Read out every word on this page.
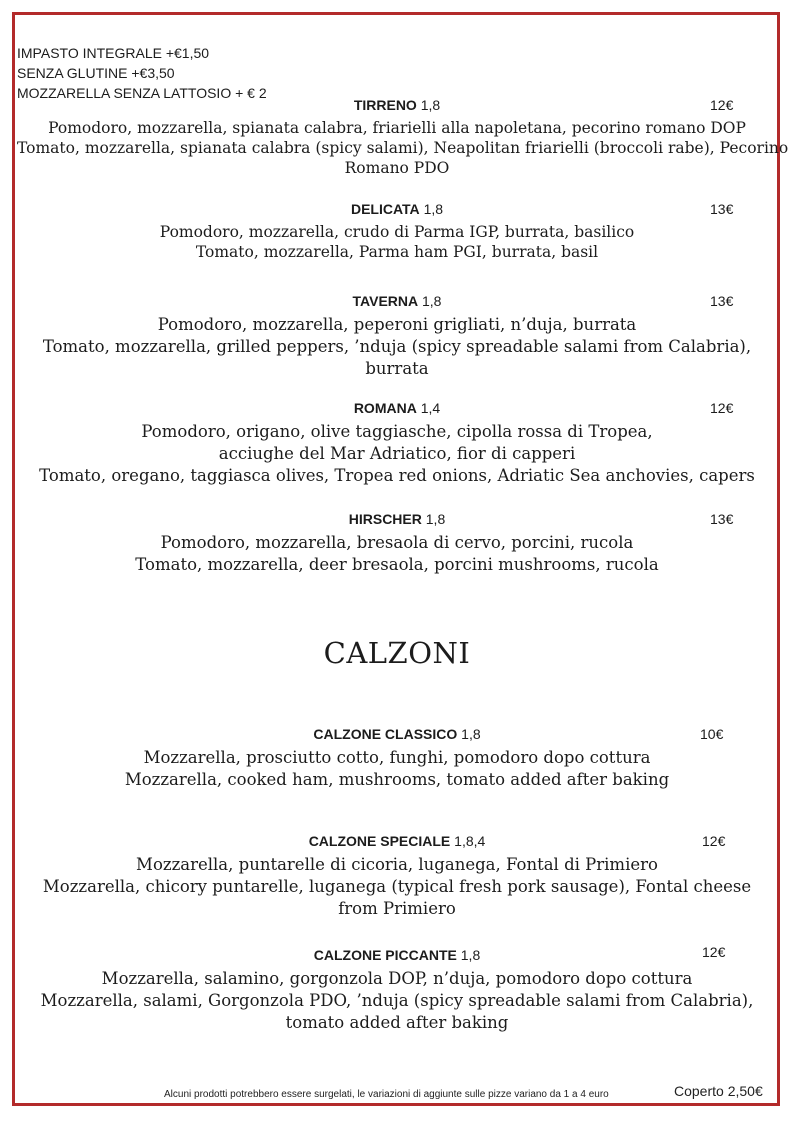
IMPASTO INTEGRALE +€1,50
SENZA GLUTINE +€3,50
MOZZARELLA SENZA LATTOSIO + € 2
TIRRENO 1,8	12€
Pomodoro, mozzarella, spianata calabra, friarielli alla napoletana, pecorino romano DOP
Tomato, mozzarella, spianata calabra (spicy salami), Neapolitan friarielli (broccoli rabe), Pecorino
Romano PDO
DELICATA 1,8	13€
Pomodoro, mozzarella, crudo di Parma IGP, burrata, basilico
Tomato, mozzarella, Parma ham PGI, burrata, basil
TAVERNA 1,8	13€
Pomodoro, mozzarella, peperoni grigliati, n’duja, burrata
Tomato, mozzarella, grilled peppers, ’nduja (spicy spreadable salami from Calabria),
burrata
ROMANA 1,4	12€
Pomodoro, origano, olive taggiasche, cipolla rossa di Tropea,
acciughe del Mar Adriatico, fior di capperi
Tomato, oregano, taggiasca olives, Tropea red onions, Adriatic Sea anchovies, capers
HIRSCHER 1,8	13€
Pomodoro, mozzarella, bresaola di cervo, porcini, rucola
Tomato, mozzarella, deer bresaola, porcini mushrooms, rucola
CALZONI
CALZONE CLASSICO 1,8	10€
Mozzarella, prosciutto cotto, funghi, pomodoro dopo cottura
Mozzarella, cooked ham, mushrooms, tomato added after baking
CALZONE SPECIALE 1,8,4	12€
Mozzarella, puntarelle di cicoria, luganega, Fontal di Primiero
Mozzarella, chicory puntarelle, luganega (typical fresh pork sausage), Fontal cheese
from Primiero
CALZONE PICCANTE 1,8	12€
Mozzarella, salamino, gorgonzola DOP, n’duja, pomodoro dopo cottura
Mozzarella, salami, Gorgonzola PDO, ’nduja (spicy spreadable salami from Calabria),
tomato added after baking
Alcuni prodotti potrebbero essere surgelati, le variazioni di aggiunte sulle pizze variano da 1 a 4 euro	Coperto 2,50€
